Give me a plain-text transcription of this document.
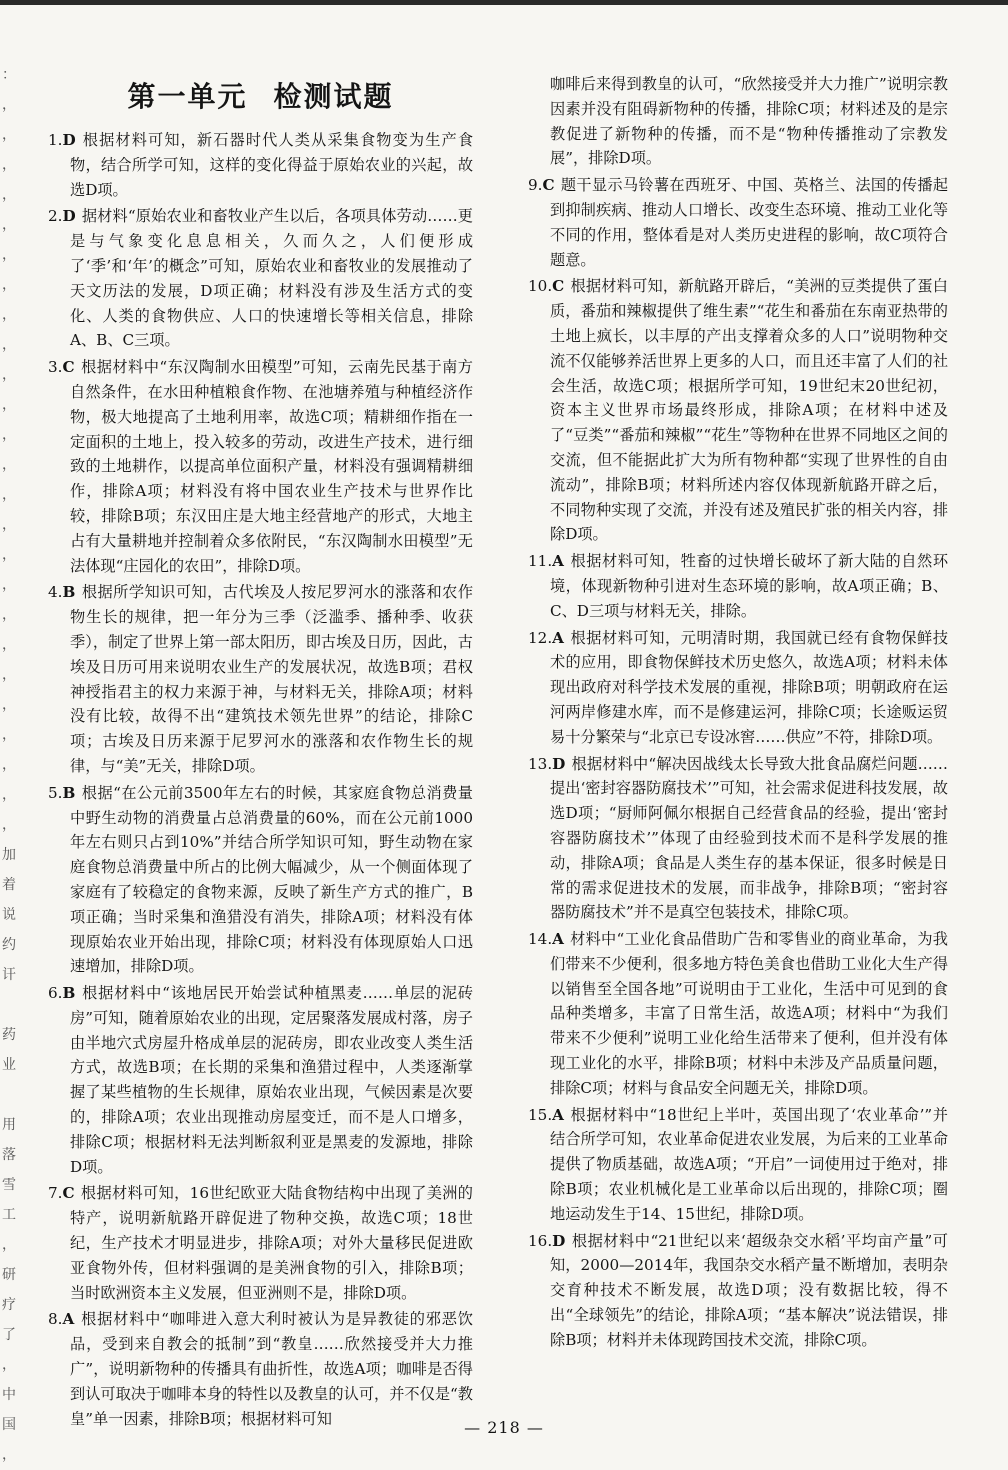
：
，
，
，
，
，
，
，
，
，
，
，
，
，
，
，
，
，
，
，
，
，
，
，
，
，
加
着
说
约
讦
药
业
用
落
雪
工
，
研
疗
了
，
中
国
，
第一单元 检测试题
1.D 根据材料可知，新石器时代人类从采集食物变为生产食物，结合所学可知，这样的变化得益于原始农业的兴起，故选D项。
2.D 据材料“原始农业和畜牧业产生以后，各项具体劳动……更是与气象变化息息相关，久而久之，人们便形成了‘季’和‘年’的概念”可知，原始农业和畜牧业的发展推动了天文历法的发展，D项正确；材料没有涉及生活方式的变化、人类的食物供应、人口的快速增长等相关信息，排除A、B、C三项。
3.C 根据材料中“东汉陶制水田模型”可知，云南先民基于南方自然条件，在水田种植粮食作物、在池塘养殖与种植经济作物，极大地提高了土地利用率，故选C项；精耕细作指在一定面积的土地上，投入较多的劳动，改进生产技术，进行细致的土地耕作，以提高单位面积产量，材料没有强调精耕细作，排除A项；材料没有将中国农业生产技术与世界作比较，排除B项；东汉田庄是大地主经营地产的形式，大地主占有大量耕地并控制着众多依附民，“东汉陶制水田模型”无法体现“庄园化的农田”，排除D项。
4.B 根据所学知识可知，古代埃及人按尼罗河水的涨落和农作物生长的规律，把一年分为三季（泛滥季、播种季、收获季），制定了世界上第一部太阳历，即古埃及日历，因此，古埃及日历可用来说明农业生产的发展状况，故选B项；君权神授指君主的权力来源于神，与材料无关，排除A项；材料没有比较，故得不出“建筑技术领先世界”的结论，排除C项；古埃及日历来源于尼罗河水的涨落和农作物生长的规律，与“美”无关，排除D项。
5.B 根据“在公元前3500年左右的时候，其家庭食物总消费量中野生动物的消费量占总消费量的60%，而在公元前1000年左右则只占到10%”并结合所学知识可知，野生动物在家庭食物总消费量中所占的比例大幅减少，从一个侧面体现了家庭有了较稳定的食物来源，反映了新生产方式的推广，B项正确；当时采集和渔猎没有消失，排除A项；材料没有体现原始农业开始出现，排除C项；材料没有体现原始人口迅速增加，排除D项。
6.B 根据材料中“该地居民开始尝试种植黑麦……单层的泥砖房”可知，随着原始农业的出现，定居聚落发展成村落，房子由半地穴式房屋升格成单层的泥砖房，即农业改变人类生活方式，故选B项；在长期的采集和渔猎过程中，人类逐渐掌握了某些植物的生长规律，原始农业出现，气候因素是次要的，排除A项；农业出现推动房屋变迁，而不是人口增多，排除C项；根据材料无法判断叙利亚是黑麦的发源地，排除D项。
7.C 根据材料可知，16世纪欧亚大陆食物结构中出现了美洲的特产，说明新航路开辟促进了物种交换，故选C项；18世纪，生产技术才明显进步，排除A项；对外大量移民促进欧亚食物外传，但材料强调的是美洲食物的引入，排除B项；当时欧洲资本主义发展，但亚洲则不是，排除D项。
8.A 根据材料中“咖啡进入意大利时被认为是异教徒的邪恶饮品，受到来自教会的抵制”到“教皇……欣然接受并大力推广”，说明新物种的传播具有曲折性，故选A项；咖啡是否得到认可取决于咖啡本身的特性以及教皇的认可，并不仅是“教皇”单一因素，排除B项；根据材料可知
咖啡后来得到教皇的认可，“欣然接受并大力推广”说明宗教因素并没有阻碍新物种的传播，排除C项；材料述及的是宗教促进了新物种的传播，而不是“物种传播推动了宗教发展”，排除D项。
9.C 题干显示马铃薯在西班牙、中国、英格兰、法国的传播起到抑制疾病、推动人口增长、改变生态环境、推动工业化等不同的作用，整体看是对人类历史进程的影响，故C项符合题意。
10.C 根据材料可知，新航路开辟后，“美洲的豆类提供了蛋白质，番茄和辣椒提供了维生素”“花生和番茄在东南亚热带的土地上疯长，以丰厚的产出支撑着众多的人口”说明物种交流不仅能够养活世界上更多的人口，而且还丰富了人们的社会生活，故选C项；根据所学可知，19世纪末20世纪初，资本主义世界市场最终形成，排除A项；在材料中述及了“豆类”“番茄和辣椒”“花生”等物种在世界不同地区之间的交流，但不能据此扩大为所有物种都“实现了世界性的自由流动”，排除B项；材料所述内容仅体现新航路开辟之后，不同物种实现了交流，并没有述及殖民扩张的相关内容，排除D项。
11.A 根据材料可知，牲畜的过快增长破坏了新大陆的自然环境，体现新物种引进对生态环境的影响，故A项正确；B、C、D三项与材料无关，排除。
12.A 根据材料可知，元明清时期，我国就已经有食物保鲜技术的应用，即食物保鲜技术历史悠久，故选A项；材料未体现出政府对科学技术发展的重视，排除B项；明朝政府在运河两岸修建水库，而不是修建运河，排除C项；长途贩运贸易十分繁荣与“北京已专设冰窖……供应”不符，排除D项。
13.D 根据材料中“解决因战线太长导致大批食品腐烂问题……提出‘密封容器防腐技术’”可知，社会需求促进科技发展，故选D项；“厨师阿佩尔根据自己经营食品的经验，提出‘密封容器防腐技术’”体现了由经验到技术而不是科学发展的推动，排除A项；食品是人类生存的基本保证，很多时候是日常的需求促进技术的发展，而非战争，排除B项；“密封容器防腐技术”并不是真空包装技术，排除C项。
14.A 材料中“工业化食品借助广告和零售业的商业革命，为我们带来不少便利，很多地方特色美食也借助工业化大生产得以销售至全国各地”可说明由于工业化，生活中可见到的食品种类增多，丰富了日常生活，故选A项；材料中“为我们带来不少便利”说明工业化给生活带来了便利，但并没有体现工业化的水平，排除B项；材料中未涉及产品质量问题，排除C项；材料与食品安全问题无关，排除D项。
15.A 根据材料中“18世纪上半叶，英国出现了‘农业革命’”并结合所学可知，农业革命促进农业发展，为后来的工业革命提供了物质基础，故选A项；“开启”一词使用过于绝对，排除B项；农业机械化是工业革命以后出现的，排除C项；圈地运动发生于14、15世纪，排除D项。
16.D 根据材料中“21世纪以来‘超级杂交水稻’平均亩产量”可知，2000—2014年，我国杂交水稻产量不断增加，表明杂交育种技术不断发展，故选D项；没有数据比较，得不出“全球领先”的结论，排除A项；“基本解决”说法错误，排除B项；材料并未体现跨国技术交流，排除C项。
— 218 —
